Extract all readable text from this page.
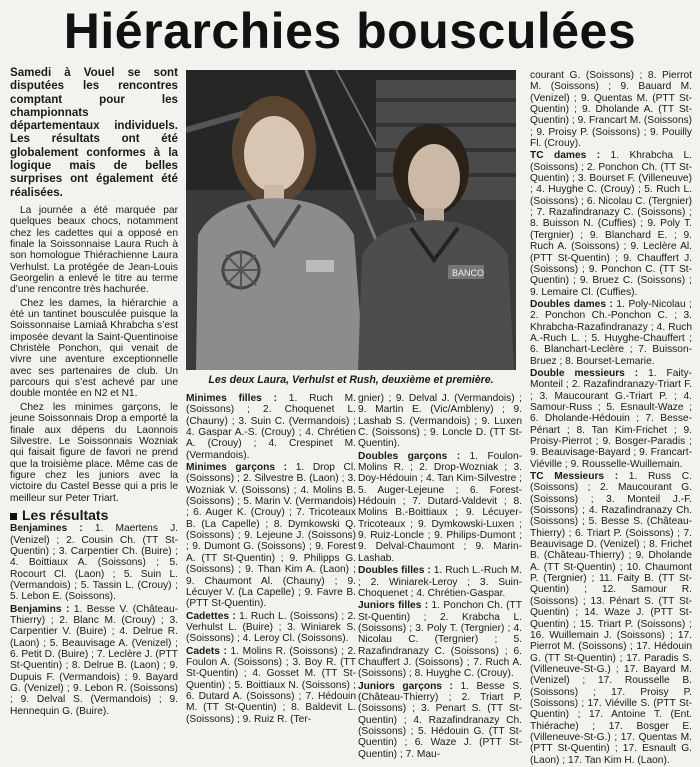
Hiérarchies bousculées
Samedi à Vouel se sont disputées les rencontres comptant pour les championnats départementaux individuels. Les résultats ont été globalement conformes à la logique mais de belles surprises ont également été réalisées.

La journée a été marquée par quelques beaux chocs, notamment chez les cadettes qui a opposé en finale la Soissonnaise Laura Ruch à son homologue Thiérachienne Laura Verhulst. La protégée de Jean-Louis Georgelin a enlevé le titre au terme d’une rencontre très hachurée.

Chez les dames, la hiérarchie a été un tantinet bousculée puisque la Soissonnaise Lamiaâ Khrabcha s’est imposée devant la Saint-Quentinoise Christèle Ponchon, qui venait de vivre une aventure exceptionnelle avec ses partenaires de club. Un parcours qui s’est achevé par une double montée en N2 et N1.

Chez les minimes garçons, le jeune Soissonnais Drop a emporté la finale aux dépens du Laonnois Silvestre. Le Soissonnais Wozniak qui faisait figure de favori ne prend que la troisième place. Même cas de figure chez les juniors avec la victoire du Castel Besse qui a pris le meilleur sur Peter Triart.

Les résultats
Benjamines : 1. Maertens J. (Venizel) ; 2. Cousin Ch. (TT St-Quentin) ; 3. Carpentier Ch. (Buire) ; 4. Boittiaux A. (Soissons) ; 5. Rocourt Cl. (Laon) ; 5. Suin L. (Vermandois) ; 5. Tassin L. (Crouy) ; 5. Lebon E. (Soissons).
Benjamins : 1. Besse V. (Château-Thierry) ; 2. Blanc M. (Crouy) ; 3. Carpentier V. (Buire) ; 4. Delrue R. (Laon) ; 5. Beauvisage A. (Venizel) ; 6. Petit D. (Buire) ; 7. Leclère J. (PTT St-Quentin) ; 8. Delrue B. (Laon) ; 9. Dupuis F. (Vermandois) ; 9. Bayard G. (Venizel) ; 9. Lebon R. (Soissons) ; 9. Delval S. (Vermandois) ; 9. Hennequin G. (Buire).
BANCO
Les deux Laura, Verhulst et Rush, deuxième et première.
Minimes filles : 1. Ruch M. (Soissons) ; 2. Choquenet L. (Chauny) ; 3. Suin C. (Vermandois) ; 4. Gaspar A.-S. (Crouy) ; 4. Chrétien A. (Crouy) ; 4. Crespinet M. (Vermandois).
Minimes garçons : 1. Drop Cl. (Soissons) ; 2. Silvestre B. (Laon) ; 3. Wozniak V. (Soissons) ; 4. Molins B. (Soissons) ; 5. Marin V. (Vermandois) ; 6. Auger K. (Crouy) ; 7. Tricoteaux B. (La Capelle) ; 8. Dymkowski Q. (Soissons) ; 9. Lejeune J. (Soissons) ; 9. Dumont G. (Soissons) ; 9. Forest A. (TT St-Quentin) ; 9. Philipps G. (Soissons) ; 9. Than Kim A. (Laon) ; 9. Chaumont Al. (Chauny) ; 9. Lécuyer V. (La Capelle) ; 9. Favre B. (PTT St-Quentin).
Cadettes : 1. Ruch L. (Soissons) ; 2. Verhulst L. (Buire) ; 3. Winiarek S. (Soissons) ; 4. Leroy Cl. (Soissons).
Cadets : 1. Molins R. (Soissons) ; 2. Foulon A. (Soissons) ; 3. Boy R. (TT St-Quentin) ; 4. Gosset M. (TT St-Quentin) ; 5. Boittiaux N. (Soissons) ; 6. Dutard A. (Soissons) ; 7. Hédouin M. (TT St-Quentin) ; 8. Baldevit L. (Soissons) ; 9. Ruiz R. (Ter-
gnier) ; 9. Delval J. (Vermandois) ; 9. Martin E. (Vic/Ambleny) ; 9. Lashab S. (Vermandois) ; 9. Luxen C. (Soissons) ; 9. Loncle D. (TT St-Quentin).
Doubles garçons : 1. Foulon-Molins R. ; 2. Drop-Wozniak ; 3. Doy-Hédouin ; 4. Tan Kim-Silvestre ; 5. Auger-Lejeune ; 6. Forest-Hédouin ; 7. Dutard-Valdevit ; 8. Molins B.-Boittiaux ; 9. Lécuyer-Tricoteaux ; 9. Dymkowski-Luxen ; 9. Ruiz-Loncle ; 9. Philips-Dumont ; 9. Delval-Chaumont ; 9. Marin-Lashab.
Doubles filles : 1. Ruch L.-Ruch M. ; 2. Winiarek-Leroy ; 3. Suin-Choquenet ; 4. Chrétien-Gaspar.
Juniors filles : 1. Ponchon Ch. (TT St-Quentin) ; 2. Krabcha L. (Soissons) ; 3. Poly T. (Tergnier) ; 4. Nicolau C. (Tergnier) ; 5. Razafindranazy C. (Soissons) ; 6. Chauffert J. (Soissons) ; 7. Ruch A. (Soissons) ; 8. Huyghe C. (Crouy).
Juniors garçons : 1. Besse S. (Château-Thierry) ; 2. Triart P. (Soissons) ; 3. Penart S. (TT St-Quentin) ; 4. Razafindranazy Ch. (Soissons) ; 5. Hédouin G. (TT St-Quentin) ; 6. Waze J. (PTT St-Quentin) ; 7. Mau-
courant G. (Soissons) ; 8. Pierrot M. (Soissons) ; 9. Bauard M. (Venizel) ; 9. Quentas M. (PTT St-Quentin) ; 9. Dholande A. (TT St-Quentin) ; 9. Francart M. (Soissons) ; 9. Proisy P. (Soissons) ; 9. Pouilly Fl. (Crouy).
TC dames : 1. Khrabcha L. (Soissons) ; 2. Ponchon Ch. (TT St-Quentin) ; 3. Bourset F. (Villeneuve) ; 4. Huyghe C. (Crouy) ; 5. Ruch L. (Soissons) ; 6. Nicolau C. (Tergnier) ; 7. Razafindranazy C. (Soissons) ; 8. Buisson N. (Cuffies) ; 9. Poly T. (Tergnier) ; 9. Blanchard E. ; 9. Ruch A. (Soissons) ; 9. Leclère Al. (PTT St-Quentin) ; 9. Chauffert J. (Soissons) ; 9. Ponchon C. (TT St-Quentin) ; 9. Bruez C. (Soissons) ; 9. Lemaire Cl. (Cuffies).
Doubles dames : 1. Poly-Nicolau ; 2. Ponchon Ch.-Ponchon C. ; 3. Khrabcha-Razafindranazy ; 4. Ruch A.-Ruch L. ; 5. Huyghe-Chauffert ; 6. Blanchart-Leclère ; 7. Buisson-Bruez ; 8. Bourset-Lemarie.
Double messieurs : 1. Faity-Monteil ; 2. Razafindranazy-Triart F. ; 3. Maucourant G.-Triart P. ; 4. Samour-Russ ; 5. Esnault-Waze ; 6. Dholande-Hédouin ; 7. Besse-Pénart ; 8. Tan Kim-Frichet ; 9. Proisy-Pierrot ; 9. Bosger-Paradis ; 9. Beauvisage-Bayard ; 9. Francart-Viéville ; 9. Rousselle-Wuillemain.
TC Messieurs : 1. Russ C. (Soissons) ; 2. Maucourant G. (Soissons) ; 3. Monteil J.-F. (Soissons) ; 4. Razafindranazy Ch. (Soissons) ; 5. Besse S. (Château-Thierry) ; 6. Triart P. (Soissons) ; 7. Beauvisage D. (Venizel) ; 8. Frichet B. (Château-Thierry) ; 9. Dholande A. (TT St-Quentin) ; 10. Chaumont P. (Tergnier) ; 11. Faity B. (TT St-Quentin) ; 12. Samour R. (Soissons) ; 13. Pénart S. (TT St-Quentin) ; 14. Waze J. (PTT St-Quentin) ; 15. Triart P. (Soissons) ; 16. Wuillemain J. (Soissons) ; 17. Pierrot M. (Soissons) ; 17. Hédouin G. (TT St-Quentin) ; 17. Paradis S. (Villeneuve-St-G.) ; 17. Bayard M. (Venizel) ; 17. Rousselle B. (Soissons) ; 17. Proisy P. (Soissons) ; 17. Viéville S. (PTT St-Quentin) ; 17. Antoine T. (Ent. Thiérache) ; 17. Bosger E. (Villeneuve-St-G.) ; 17. Quentas M. (PTT St-Quentin) ; 17. Esnault G. (Laon) ; 17. Tan Kim H. (Laon).
